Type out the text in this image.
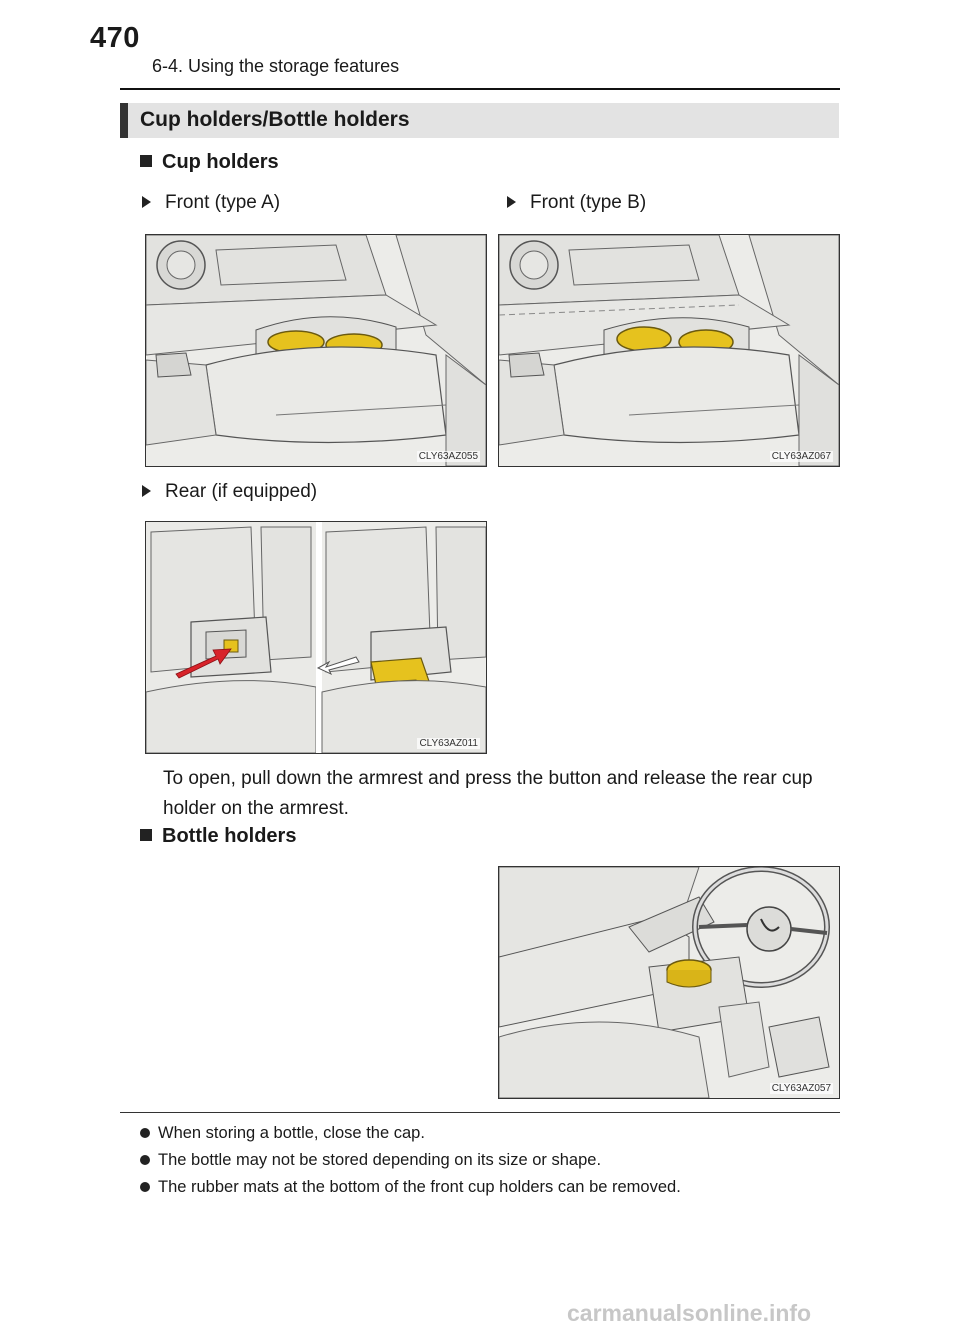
470
6-4. Using the storage features
Cup holders/Bottle holders
Cup holders
Front (type A)	Front (type B)
CLY63AZ055	CLY63AZ067
Rear (if equipped)
CLY63AZ011
To open, pull down the armrest and press the button and release the rear cup holder on the armrest.
Bottle holders
CLY63AZ057
When storing a bottle, close the cap.
The bottle may not be stored depending on its size or shape.
The rubber mats at the bottom of the front cup holders can be removed.
carmanualsonline.info
